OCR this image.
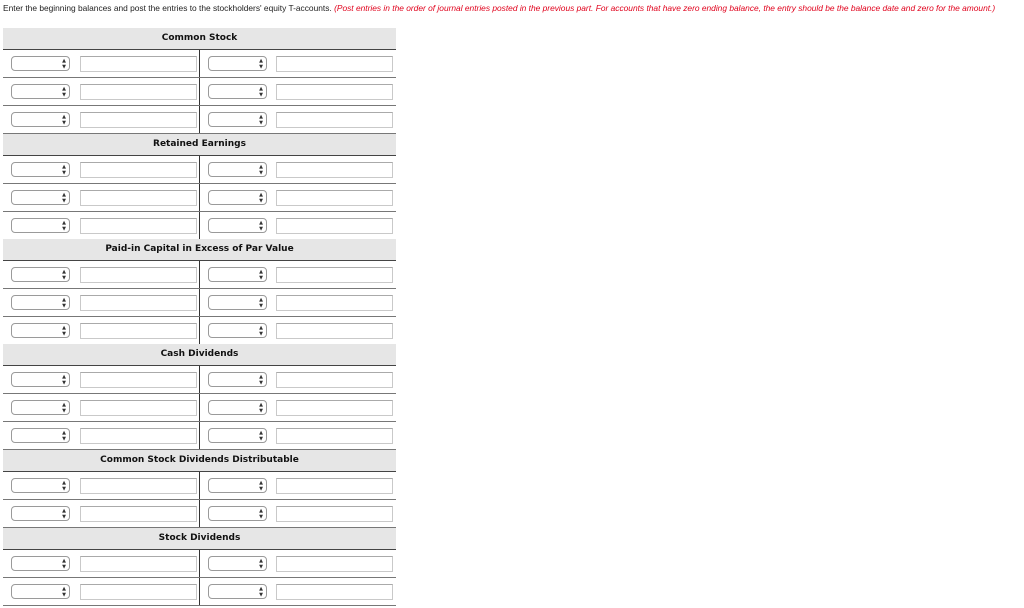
Enter the beginning balances and post the entries to the stockholders' equity T-accounts. (Post entries in the order of journal entries posted in the previous part. For accounts that have zero ending balance, the entry should be the balance date and zero for the amount.)
Common Stock
▲
▼
▲
▼
▲
▼
▲
▼
▲
▼
▲
▼
Retained Earnings
▲
▼
▲
▼
▲
▼
▲
▼
▲
▼
▲
▼
Paid-in Capital in Excess of Par Value
▲
▼
▲
▼
▲
▼
▲
▼
▲
▼
▲
▼
Cash Dividends
▲
▼
▲
▼
▲
▼
▲
▼
▲
▼
▲
▼
Common Stock Dividends Distributable
▲
▼
▲
▼
▲
▼
▲
▼
Stock Dividends
▲
▼
▲
▼
▲
▼
▲
▼
